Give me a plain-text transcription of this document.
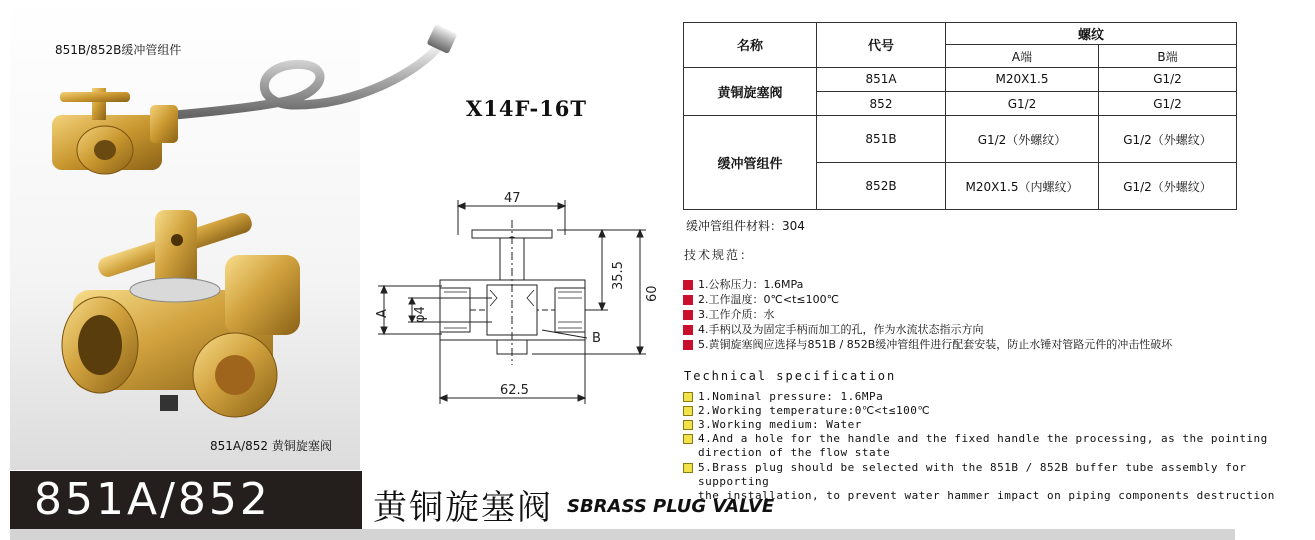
851B/852B缓冲管组件
X14F-16T
851A/852 黄铜旋塞阀
47
35.5
60
A φ4
B
62.5
名称	代号	螺纹	
		A端	B端
黄铜旋塞阀	851A	M20X1.5	G1/2
	852	G1/2	G1/2
缓冲管组件	851B	G1/2（外螺纹）	G1/2（外螺纹）
	852B	M20X1.5（内螺纹）	G1/2（外螺纹）
缓冲管组件材料：304
技术规范：
1.公称压力：1.6MPa
2.工作温度：0℃<t≤100℃
3.工作介质：水
4.手柄以及为固定手柄而加工的孔，作为水流状态指示方向
5.黄铜旋塞阀应选择与851B / 852B缓冲管组件进行配套安装，防止水锤对管路元件的冲击性破坏
Technical specification
1.Nominal pressure: 1.6MPa
2.Working temperature:0℃<t≤100℃
3.Working medium: Water
4.And a hole for the handle and the fixed handle the processing, as the pointing
direction of the flow state
5.Brass plug should be selected with the 851B / 852B buffer tube assembly for supporting
the installation, to prevent water hammer impact on piping components destruction
851A/852	黄铜旋塞阀 SBRASS PLUG VALVE
